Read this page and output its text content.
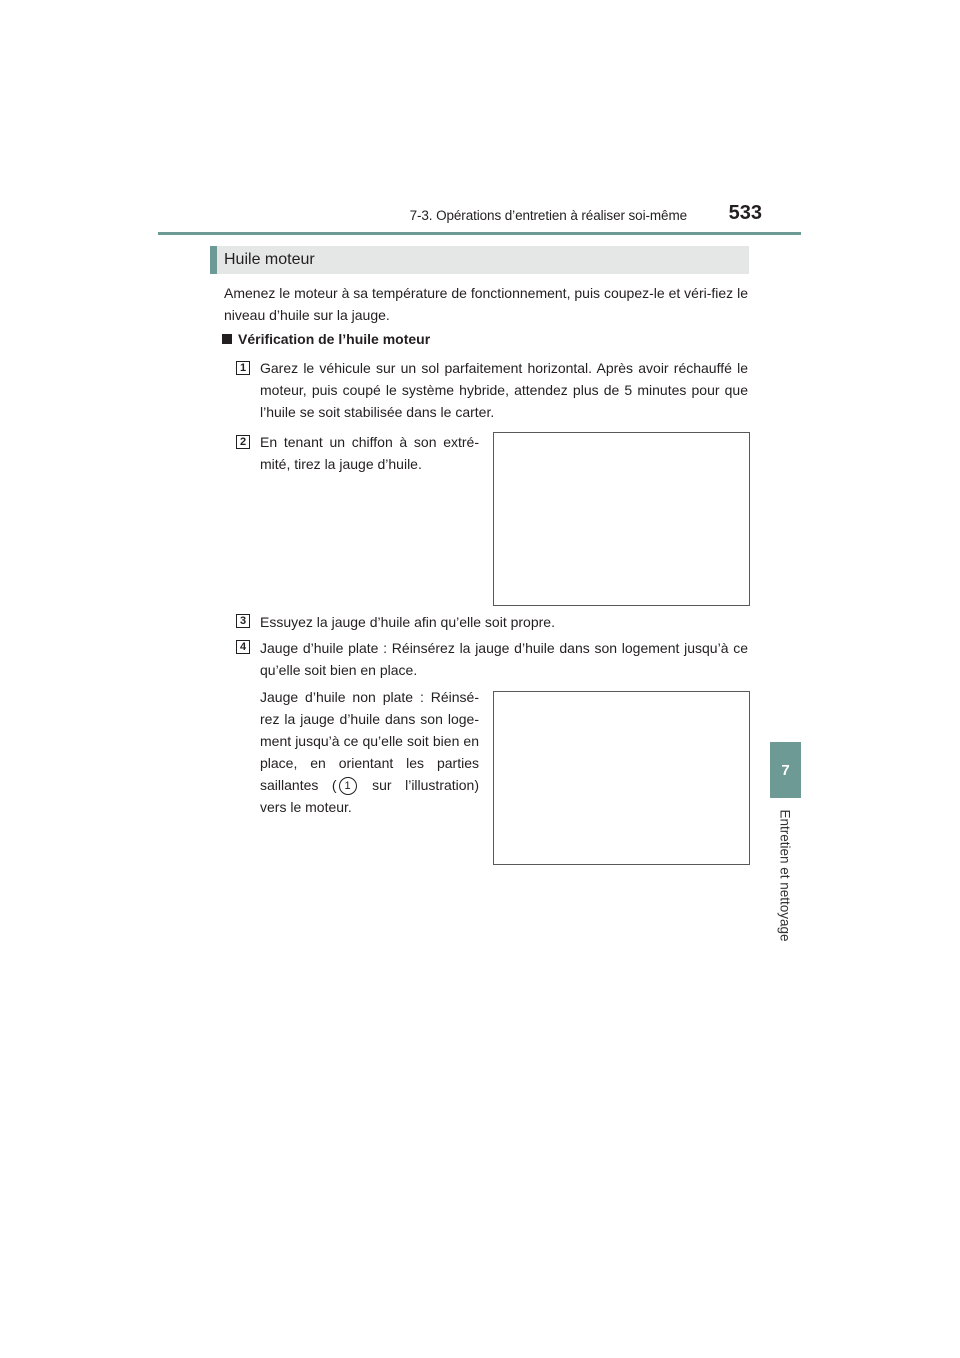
7-3. Opérations d’entretien à réaliser soi-même	533
7
Entretien et nettoyage
Huile moteur
Amenez le moteur à sa température de fonctionnement, puis coupez-le et véri-fiez le niveau d’huile sur la jauge.
Vérification de l’huile moteur
1 Garez le véhicule sur un sol parfaitement horizontal. Après avoir réchauffé le moteur, puis coupé le système hybride, attendez plus de 5 minutes pour que l’huile se soit stabilisée dans le carter.
2 En tenant un chiffon à son extré-mité, tirez la jauge d’huile.
3 Essuyez la jauge d’huile afin qu’elle soit propre.
4 Jauge d’huile plate : Réinsérez la jauge d’huile dans son logement jusqu’à ce qu’elle soit bien en place.
Jauge d’huile non plate : Réinsé-rez la jauge d’huile dans son loge-ment jusqu’à ce qu’elle soit bien en place, en orientant les parties saillantes ( 1 sur l’illustration) vers le moteur.
